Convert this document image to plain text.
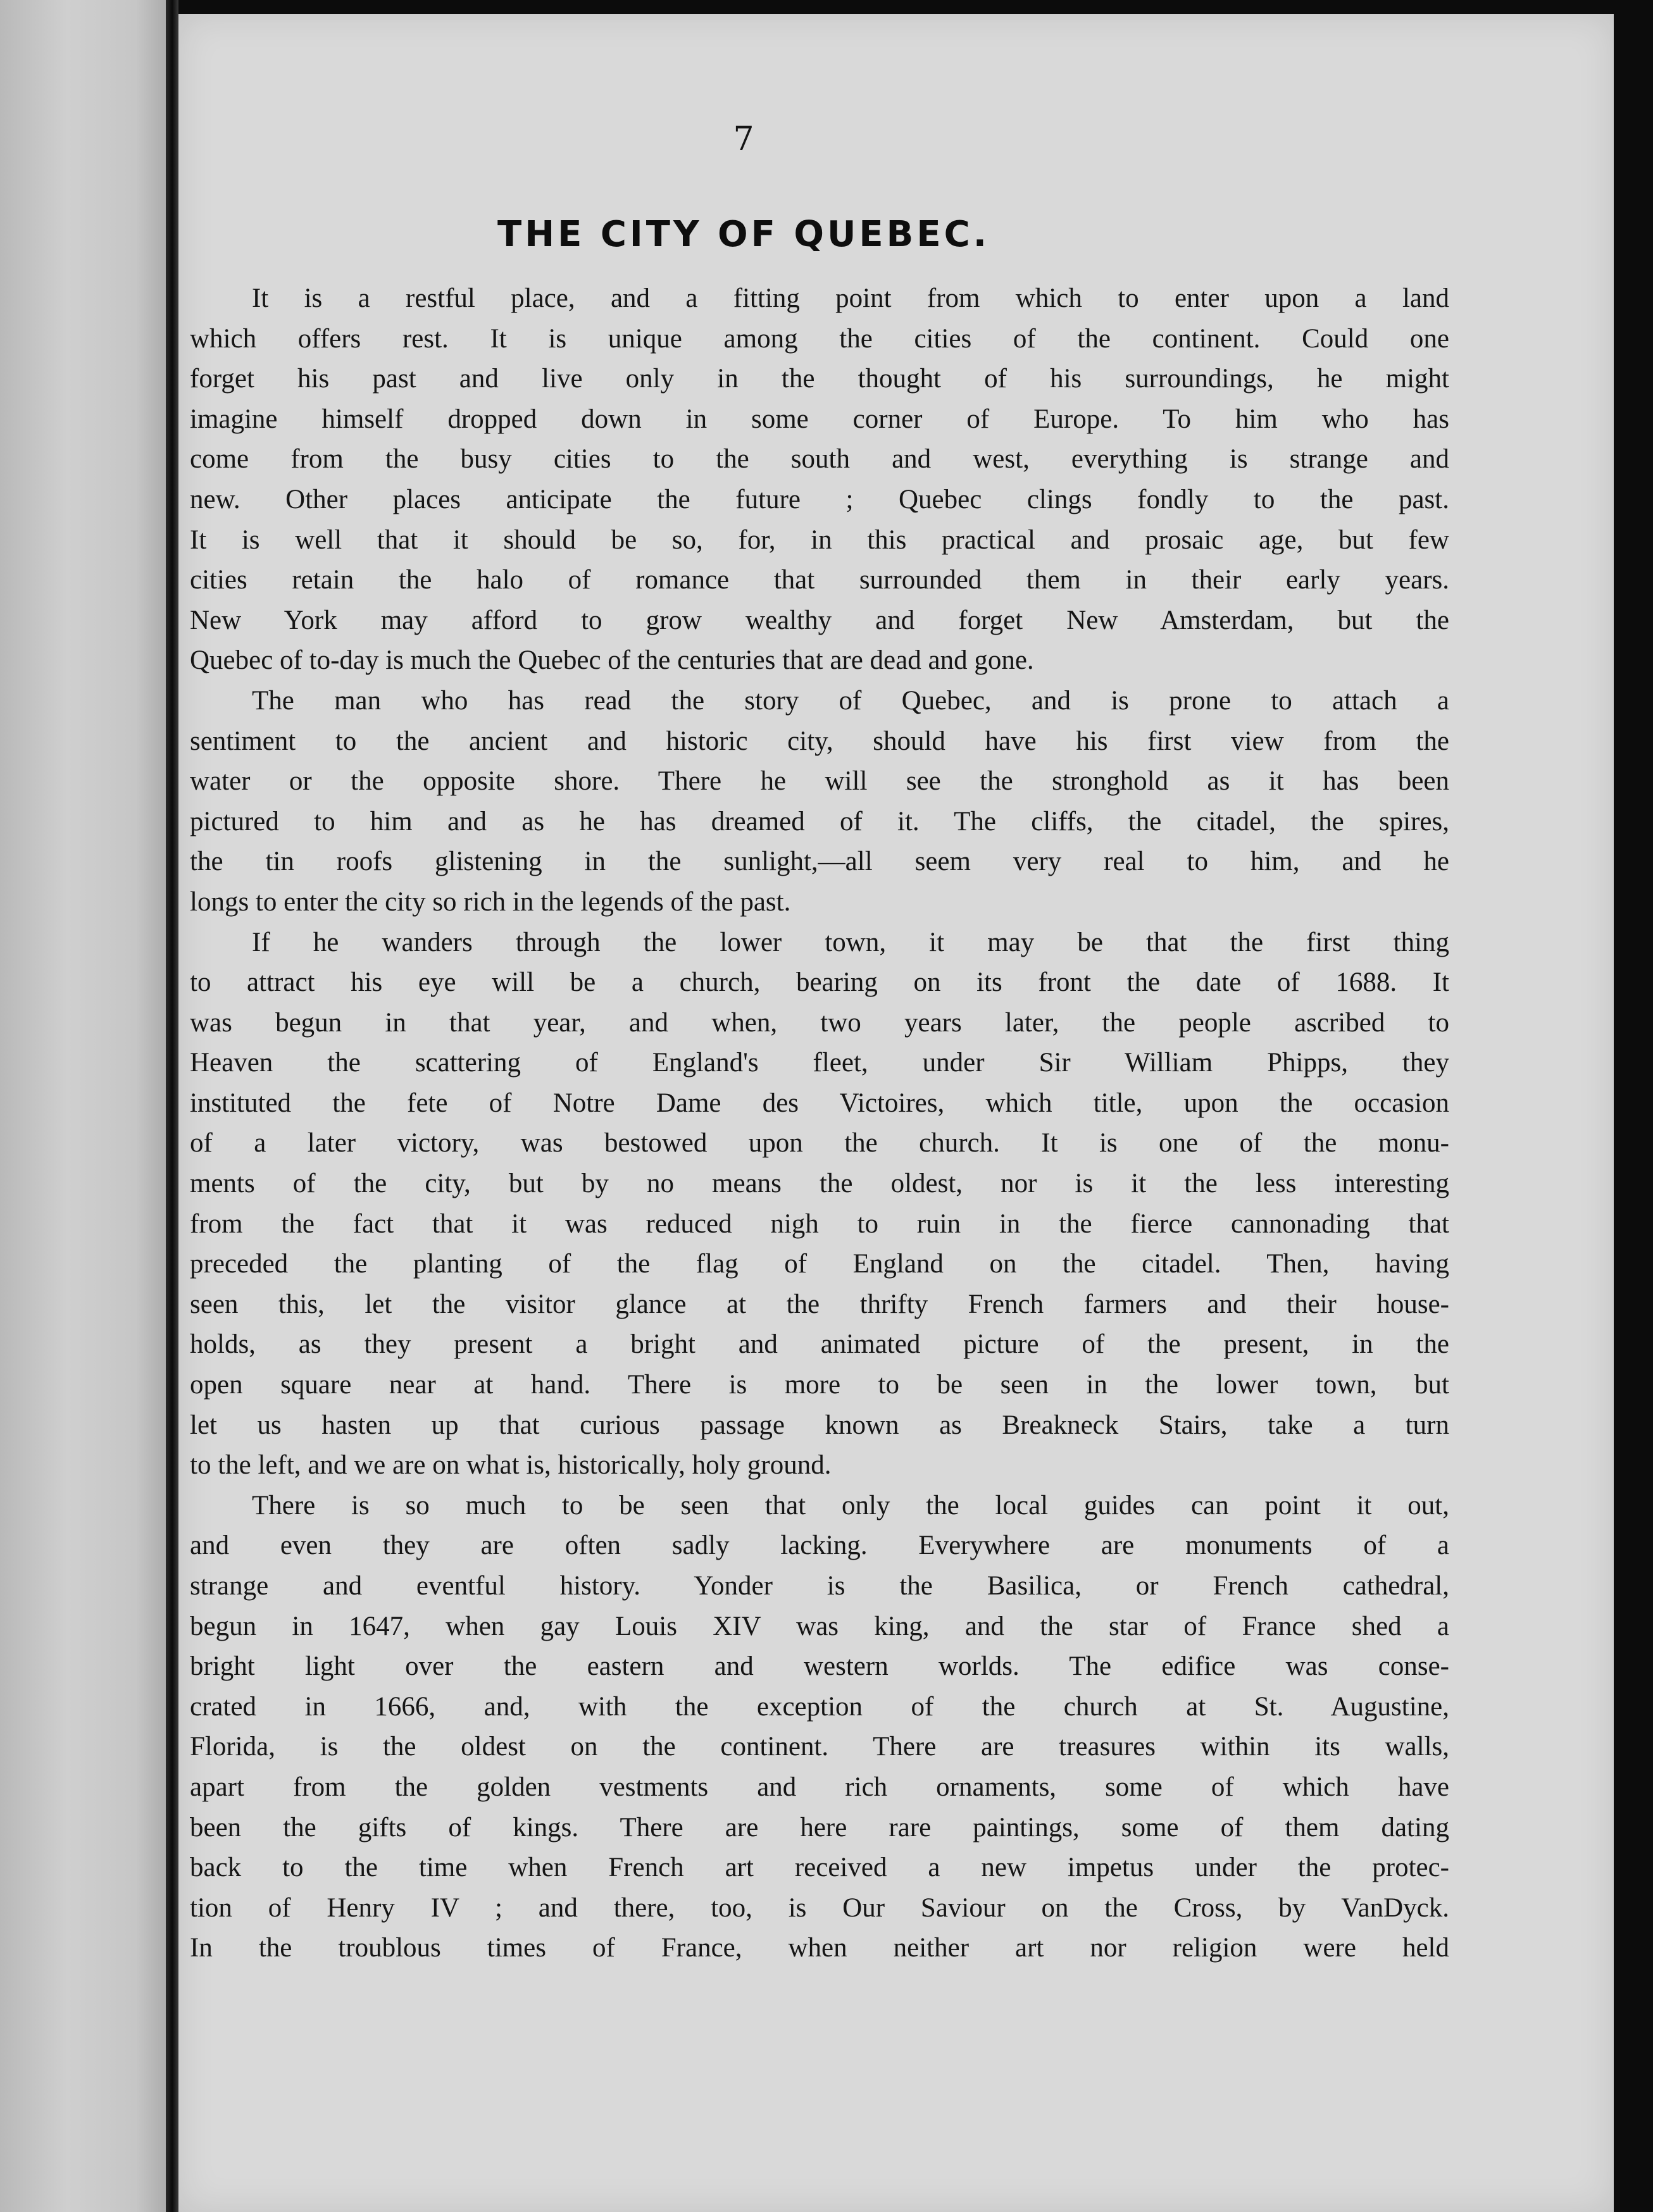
7
THE CITY OF QUEBEC.
It is a restful place, and a fitting point from which to enter upon a land
which offers rest. It is unique among the cities of the continent. Could one
forget his past and live only in the thought of his surroundings, he might
imagine himself dropped down in some corner of Europe. To him who has
come from the busy cities to the south and west, everything is strange and
new. Other places anticipate the future ; Quebec clings fondly to the past.
It is well that it should be so, for, in this practical and prosaic age, but few
cities retain the halo of romance that surrounded them in their early years.
New York may afford to grow wealthy and forget New Amsterdam, but the
Quebec of to-day is much the Quebec of the centuries that are dead and gone.
The man who has read the story of Quebec, and is prone to attach a
sentiment to the ancient and historic city, should have his first view from the
water or the opposite shore. There he will see the stronghold as it has been
pictured to him and as he has dreamed of it. The cliffs, the citadel, the spires,
the tin roofs glistening in the sunlight,—all seem very real to him, and he
longs to enter the city so rich in the legends of the past.
If he wanders through the lower town, it may be that the first thing
to attract his eye will be a church, bearing on its front the date of 1688. It
was begun in that year, and when, two years later, the people ascribed to
Heaven the scattering of England's fleet, under Sir William Phipps, they
instituted the fete of Notre Dame des Victoires, which title, upon the occasion
of a later victory, was bestowed upon the church. It is one of the monu-
ments of the city, but by no means the oldest, nor is it the less interesting
from the fact that it was reduced nigh to ruin in the fierce cannonading that
preceded the planting of the flag of England on the citadel. Then, having
seen this, let the visitor glance at the thrifty French farmers and their house-
holds, as they present a bright and animated picture of the present, in the
open square near at hand. There is more to be seen in the lower town, but
let us hasten up that curious passage known as Breakneck Stairs, take a turn
to the left, and we are on what is, historically, holy ground.
There is so much to be seen that only the local guides can point it out,
and even they are often sadly lacking. Everywhere are monuments of a
strange and eventful history. Yonder is the Basilica, or French cathedral,
begun in 1647, when gay Louis XIV was king, and the star of France shed a
bright light over the eastern and western worlds. The edifice was conse-
crated in 1666, and, with the exception of the church at St. Augustine,
Florida, is the oldest on the continent. There are treasures within its walls,
apart from the golden vestments and rich ornaments, some of which have
been the gifts of kings. There are here rare paintings, some of them dating
back to the time when French art received a new impetus under the protec-
tion of Henry IV ; and there, too, is Our Saviour on the Cross, by VanDyck.
In the troublous times of France, when neither art nor religion were held
